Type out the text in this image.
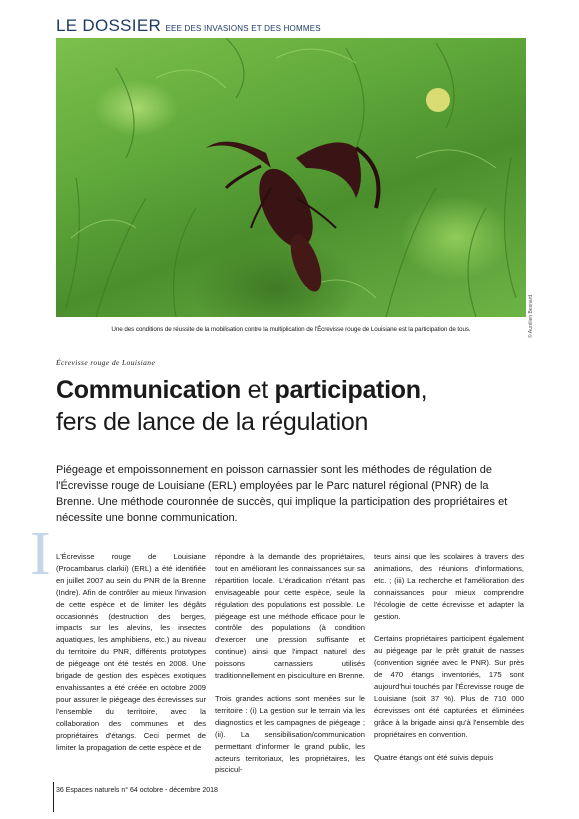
LE DOSSIER EEE DES INVASIONS ET DES HOMMES
Une des conditions de réussite de la mobilisation contre la multiplication de l'Écrevisse rouge de Louisiane est la participation de tous.	© Aurélien Besnard
Écrevisse rouge de Louisiane
Communication et participation,
fers de lance de la régulation
Piégeage et empoissonnement en poisson carnassier sont les méthodes de régulation de l'Écrevisse rouge de Louisiane (ERL) employées par le Parc naturel régional (PNR) de la Brenne. Une méthode couronnée de succès, qui implique la participation des propriétaires et nécessite une bonne communication.
I L'Écrevisse rouge de Louisiane (Procambarus clarkii) (ERL) a été identifiée en juillet 2007 au sein du PNR de la Brenne (Indre). Afin de contrôler au mieux l'invasion de cette espèce et de limiter les dégâts occasionnés (destruction des berges, impacts sur les alevins, les insectes aquatiques, les amphibiens, etc.) au niveau du territoire du PNR, différents prototypes de piégeage ont été testés en 2008. Une brigade de gestion des espèces exotiques envahissantes a été créée en octobre 2009 pour assurer le piégeage des écrevisses sur l'ensemble du territoire, avec la collaboration des communes et des propriétaires d'étangs. Ceci permet de limiter la propagation de cette espèce et de

répondre à la demande des propriétaires, tout en améliorant les connaissances sur sa répartition locale. L'éradication n'étant pas envisageable pour cette espèce, seule la régulation des populations est possible. Le piégeage est une méthode efficace pour le contrôle des populations (à condition d'exercer une pression suffisante et continue) ainsi que l'impact naturel des poissons carnassiers utilisés traditionnellement en pisciculture en Brenne.

Trois grandes actions sont menées sur le territoire : (i) La gestion sur le terrain via les diagnostics et les campagnes de piégeage ; (ii). La sensibilisation/communication permettant d'informer le grand public, les acteurs territoriaux, les propriétaires, les piscicul-

teurs ainsi que les scolaires à travers des animations, des réunions d'informations, etc. ; (iii) La recherche et l'amélioration des connaissances pour mieux comprendre l'écologie de cette écrevisse et adapter la gestion.

Certains propriétaires participent également au piégeage par le prêt gratuit de nasses (convention signée avec le PNR). Sur près de 470 étangs inventoriés, 175 sont aujourd'hui touchés par l'Écrevisse rouge de Louisiane (soit 37 %). Plus de 710 000 écrevisses ont été capturées et éliminées grâce à la brigade ainsi qu'à l'ensemble des propriétaires en convention.

Quatre étangs ont été suivis depuis

36 Espaces naturels n° 64 octobre - décembre 2018
